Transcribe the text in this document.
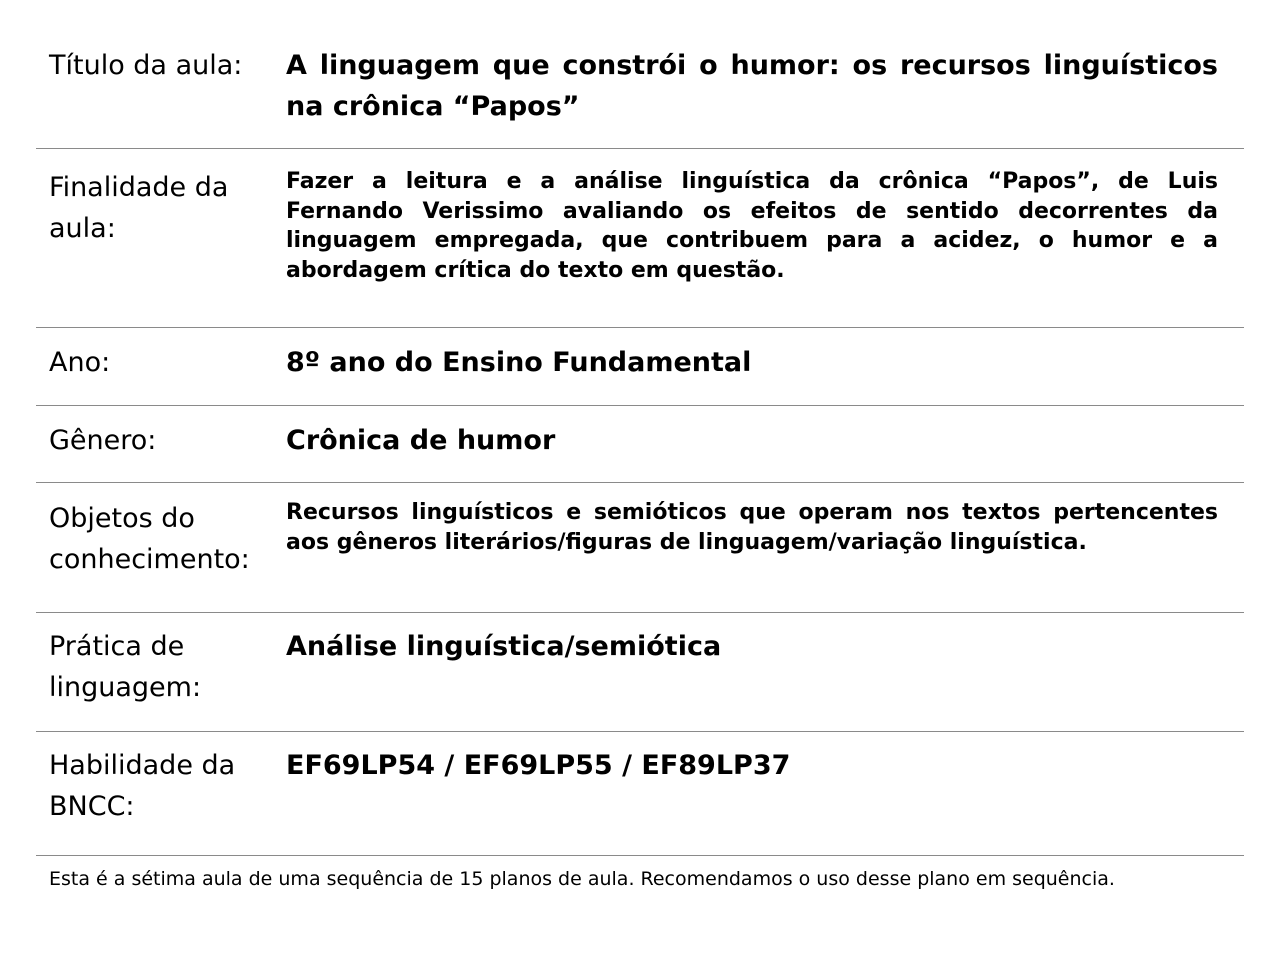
Título da aula:	A linguagem que constrói o humor: os recursos linguísticos na crônica “Papos”
Finalidade da aula:
Fazer a leitura e a análise linguística da crônica “Papos”, de Luis Fernando Verissimo avaliando os efeitos de sentido decorrentes da linguagem empregada, que contribuem para a acidez, o humor e a abordagem crítica do texto em questão.
Ano:	8º ano do Ensino Fundamental
Gênero:	Crônica de humor
Objetos do conhecimento:
Recursos linguísticos e semióticos que operam nos textos pertencentes aos gêneros literários/figuras de linguagem/variação linguística.
Prática de linguagem:
Análise linguística/semiótica
Habilidade da BNCC:
EF69LP54 / EF69LP55 / EF89LP37
Esta é a sétima aula de uma sequência de 15 planos de aula. Recomendamos o uso desse plano em sequência.
